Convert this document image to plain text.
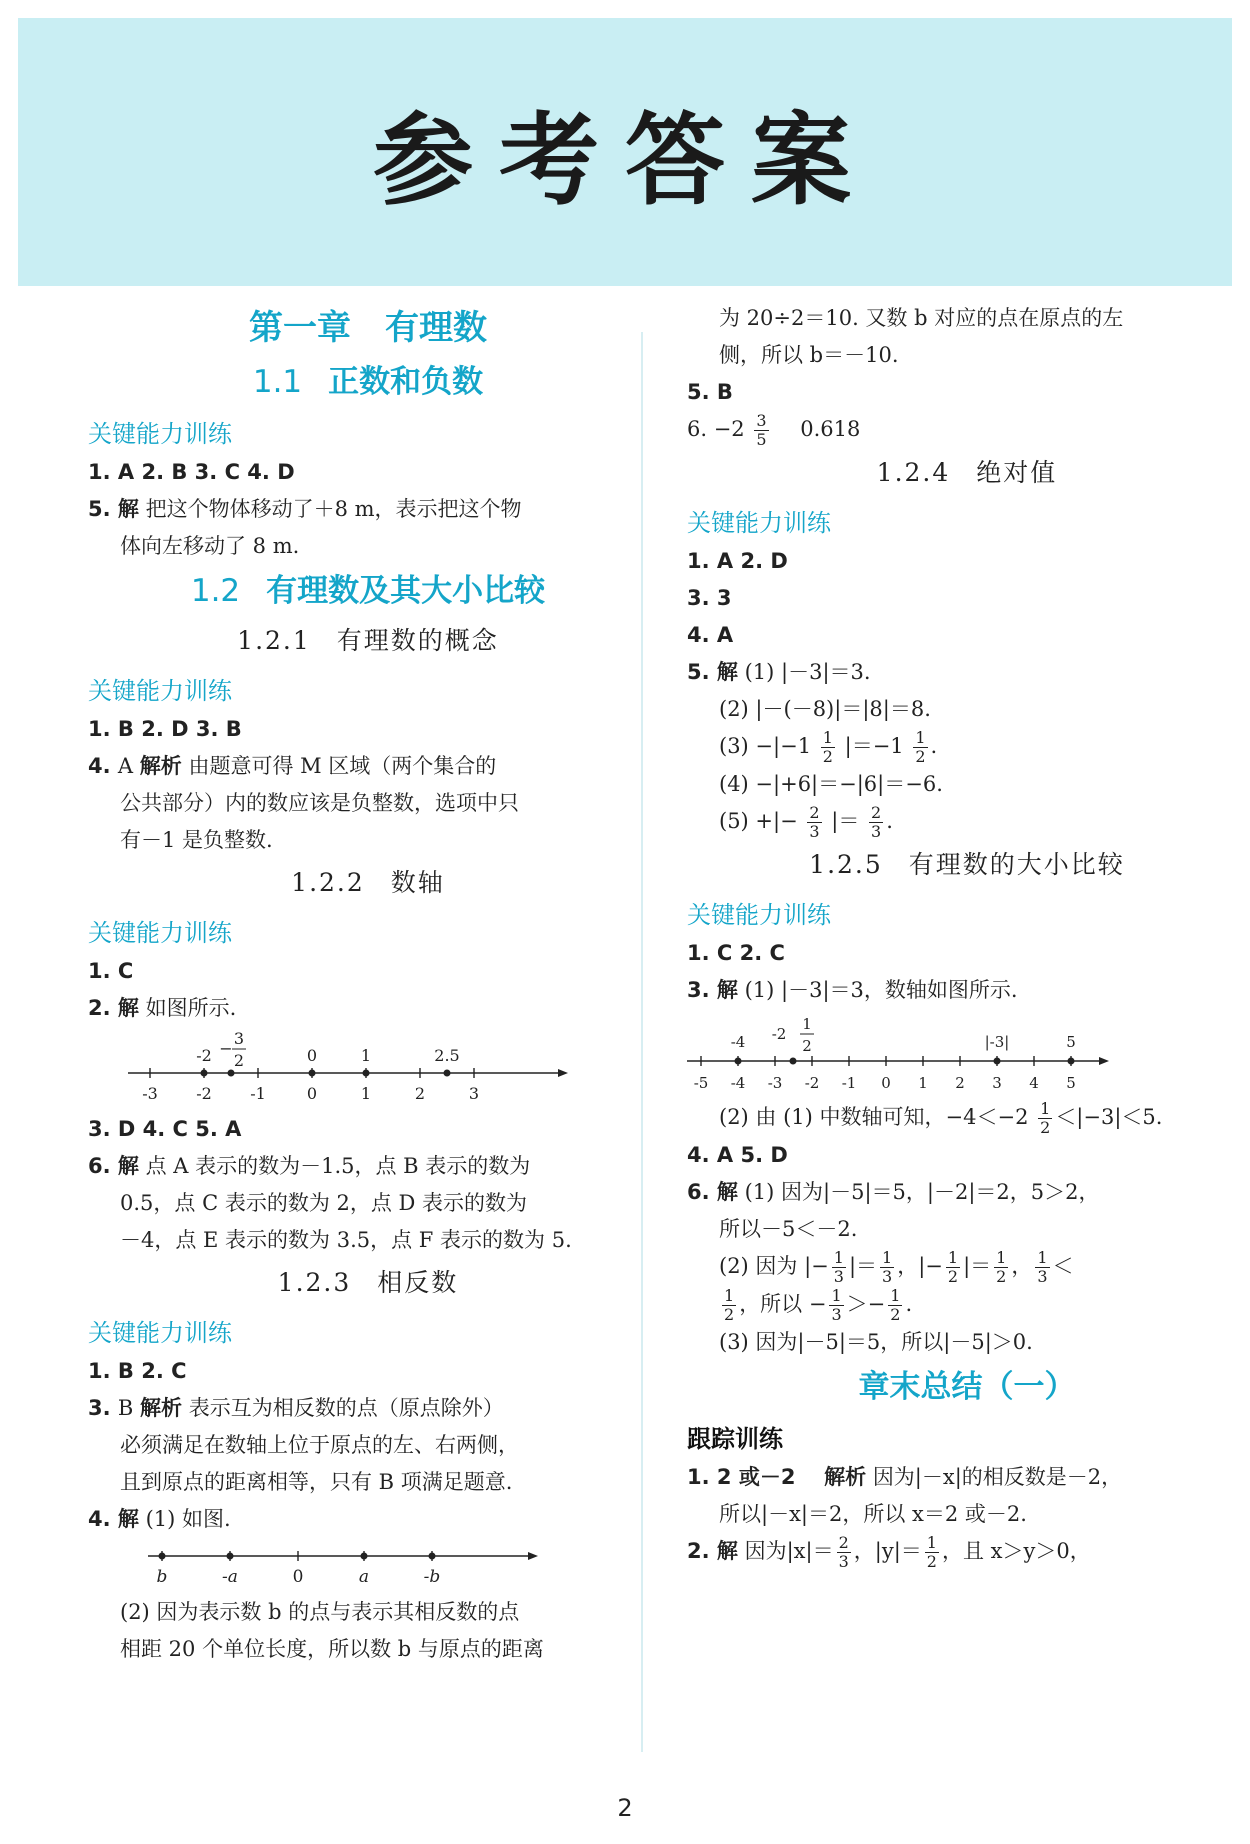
参考答案
第一章　有理数
1.1 正数和负数
关键能力训练

1. A 2. B 3. C 4. D

5. 解 把这个物体移动了＋8 m，表示把这个物

体向左移动了 8 m.

1.2 有理数及其大小比较
1.2.1 有理数的概念
关键能力训练

1. B 2. D 3. B

4. A 解析 由题意可得 M 区域（两个集合的

公共部分）内的数应该是负整数，选项中只

有－1 是负整数.

1.2.2 数轴
关键能力训练

1. C

2. 解 如图所示.

-3 -2 -1	0	1	2	3
-2	0	1	2.5
−
3
2

3. D 4. C 5. A

6. 解 点 A 表示的数为－1.5，点 B 表示的数为

0.5，点 C 表示的数为 2，点 D 表示的数为

－4，点 E 表示的数为 3.5，点 F 表示的数为 5.

1.2.3 相反数
关键能力训练

1. B 2. C

3. B 解析 表示互为相反数的点（原点除外）

必须满足在数轴上位于原点的左、右两侧，

且到原点的距离相等，只有 B 项满足题意.

4. 解 (1) 如图.

b	-a	0	a	-b

(2) 因为表示数 b 的点与表示其相反数的点

相距 20 个单位长度，所以数 b 与原点的距离

为 20÷2＝10. 又数 b 对应的点在原点的左

侧，所以 b＝－10.

5. B

6. $-2 \frac{3}{5} 0.618$

1.2.4 绝对值
关键能力训练

1. A 2. D

3. 3

4. A

5. 解 (1) |－3|＝3.

(2) |－(－8)|＝|8|＝8.

$(3) -|-1 \frac{1}{2} |=-1 \frac{1}{2}$ .

(4) −|+6|＝−|6|＝−6.

(5) +|− $\frac{2}{3}$ |＝ $\frac{2}{3}$ .

1.2.5 有理数的大小比较
关键能力训练

1. C 2. C

3. 解 (1) |－3|＝3，数轴如图所示.

-5 -4 -3 -2 -1 0 1 2 3 4 5
-4	|-3|	5
-2
1
2

(2) 由 (1) 中数轴可知，$-4<-2 \frac{1}{2} <|-3|<5$.

4. A 5. D

6. 解 (1) 因为|－5|＝5，|－2|＝2，5＞2，

所以－5＜－2.

(2) 因为 |− $\frac{1}{3}$ |＝ $\frac{1}{3}$ ，|− $\frac{1}{2}$ |＝ $\frac{1}{2}$ ， $\frac{1}{3}$ ＜

$\frac{1}{2}$ ，所以 − $\frac{1}{3} >- \frac{1}{2}$ .

(3) 因为|－5|＝5，所以|－5|＞0.

章末总结（一）
跟踪训练

1. 2 或－2 解析 因为|－x|的相反数是－2，

所以|－x|＝2，所以 x＝2 或－2.

2. 解 因为$|x|= \frac{2}{3}$ ，$|y|= \frac{1}{2}$ ，且 x＞y＞0，

2
